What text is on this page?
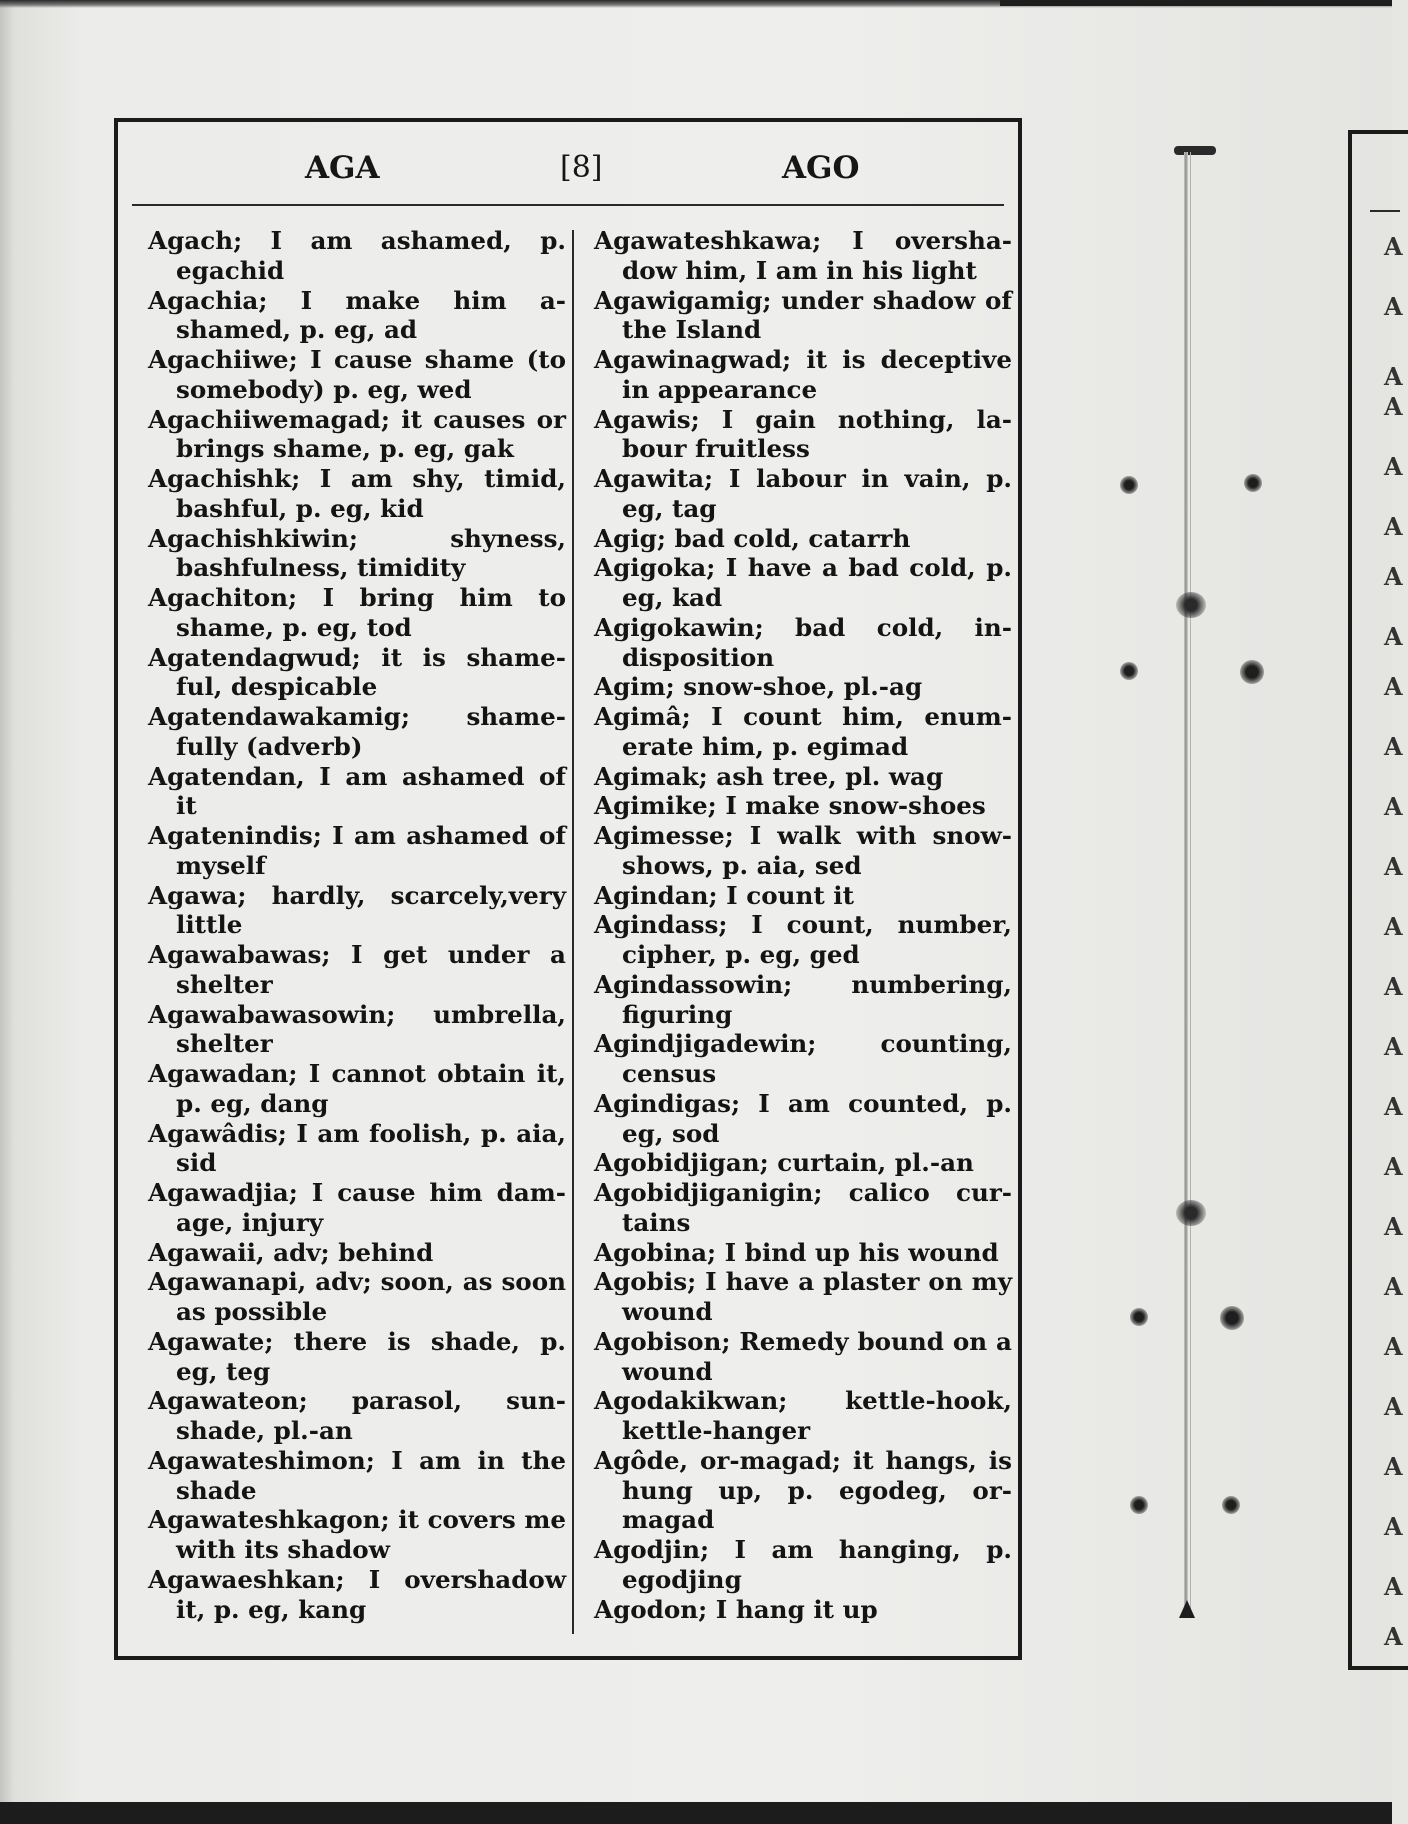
AGA	[8]	AGO
Agach; I am ashamed, p. egachid
Agachia; I make him a-shamed, p. eg, ad
Agachiiwe; I cause shame (to somebody) p. eg, wed
Agachiiwemagad; it causes or brings shame, p. eg, gak
Agachishk; I am shy, timid, bashful, p. eg, kid
Agachishkiwin; shyness, bashfulness, timidity
Agachiton; I bring him to shame, p. eg, tod
Agatendagwud; it is shame-ful, despicable
Agatendawakamig; shame-fully (adverb)
Agatendan, I am ashamed of it
Agatenindis; I am ashamed of myself
Agawa; hardly, scarcely,very little
Agawabawas; I get under a shelter
Agawabawasowin; umbrella, shelter
Agawadan; I cannot obtain it, p. eg, dang
Agawâdis; I am foolish, p. aia, sid
Agawadjia; I cause him dam-age, injury
Agawaii, adv; behind
Agawanapi, adv; soon, as soon as possible
Agawate; there is shade, p. eg, teg
Agawateon; parasol, sun-shade, pl.-an
Agawateshimon; I am in the shade
Agawateshkagon; it covers me with its shadow
Agawaeshkan; I overshadow it, p. eg, kang
Agawateshkawa; I oversha-dow him, I am in his light
Agawigamig; under shadow of the Island
Agawinagwad; it is deceptive in appearance
Agawis; I gain nothing, la-bour fruitless
Agawita; I labour in vain, p. eg, tag
Agig; bad cold, catarrh
Agigoka; I have a bad cold, p. eg, kad
Agigokawin; bad cold, in-disposition
Agim; snow-shoe, pl.-ag
Agimâ; I count him, enum-erate him, p. egimad
Agimak; ash tree, pl. wag
Agimike; I make snow-shoes
Agimesse; I walk with snow-shows, p. aia, sed
Agindan; I count it
Agindass; I count, number, cipher, p. eg, ged
Agindassowin; numbering, figuring
Agindjigadewin; counting, census
Agindigas; I am counted, p. eg, sod
Agobidjigan; curtain, pl.-an
Agobidjiganigin; calico cur-tains
Agobina; I bind up his wound
Agobis; I have a plaster on my wound
Agobison; Remedy bound on a wound
Agodakikwan; kettle-hook, kettle-hanger
Agôde, or-magad; it hangs, is hung up, p. egodeg, or-magad
Agodjin; I am hanging, p. egodjing
Agodon; I hang it up
A
A
A
A
A
A
A
A
A
A
A
A
A
A
A
A
A
A
A
A
A
A
A
A
A
